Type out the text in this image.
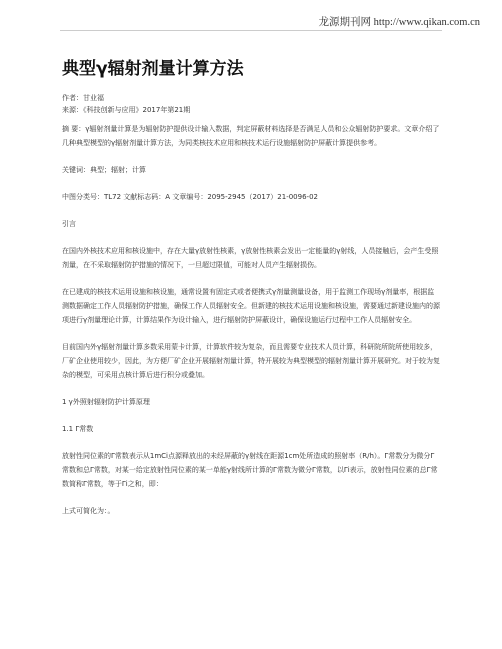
龙源期刊网 http://www.qikan.com.cn
典型γ辐射剂量计算方法

作者：甘业福

来源：《科技创新与应用》2017年第21期

摘 要：γ辐射剂量计算是为辐射防护提供设计输入数据，判定屏蔽材料选择是否满足人员和公众辐射防护要求。文章介绍了几种典型模型的γ辐射剂量计算方法，为同类核技术应用和核技术运行设施辐射防护屏蔽计算提供参考。

关键词：典型；辐射；计算

中图分类号：TL72 文献标志码：A 文章编号：2095-2945（2017）21-0096-02

引言

在国内外核技术应用和核设施中，存在大量γ放射性核素，γ放射性核素会发出一定能量的γ射线，人员接触后，会产生受照剂量，在不采取辐射防护措施的情况下，一旦超过限值，可能对人员产生辐射损伤。

在已建成的核技术运用设施和核设施，通常设置有固定式或者便携式γ剂量测量设备，用于监测工作现场γ剂量率，根据监测数据确定工作人员辐射防护措施，确保工作人员辐射安全。但新建的核技术运用设施和核设施，需要通过新建设施内的源项进行γ剂量理论计算，计算结果作为设计输入，进行辐射防护屏蔽设计，确保设施运行过程中工作人员辐射安全。

目前国内外γ辐射剂量计算多数采用蒙卡计算，计算软件较为复杂，而且需要专业技术人员计算，科研院所院所使用较多，厂矿企业使用较少，因此，为方便厂矿企业开展辐射剂量计算，特开展较为典型模型的辐射剂量计算开展研究。对于较为复杂的模型，可采用点核计算后进行积分或叠加。

1 γ外照射辐射防护计算原理

1.1 Γ常数

放射性同位素的Γ常数表示从1mCi点源释放出的未经屏蔽的γ射线在距源1cm处所造成的照射率（R/h）。Γ常数分为微分Γ常数和总Γ常数，对某一给定放射性同位素的某一单能γ射线所计算的Γ常数为微分Γ常数，以Γi表示，放射性同位素的总Γ常数简称Γ常数，等于Γi之和，即：

上式可简化为：。
